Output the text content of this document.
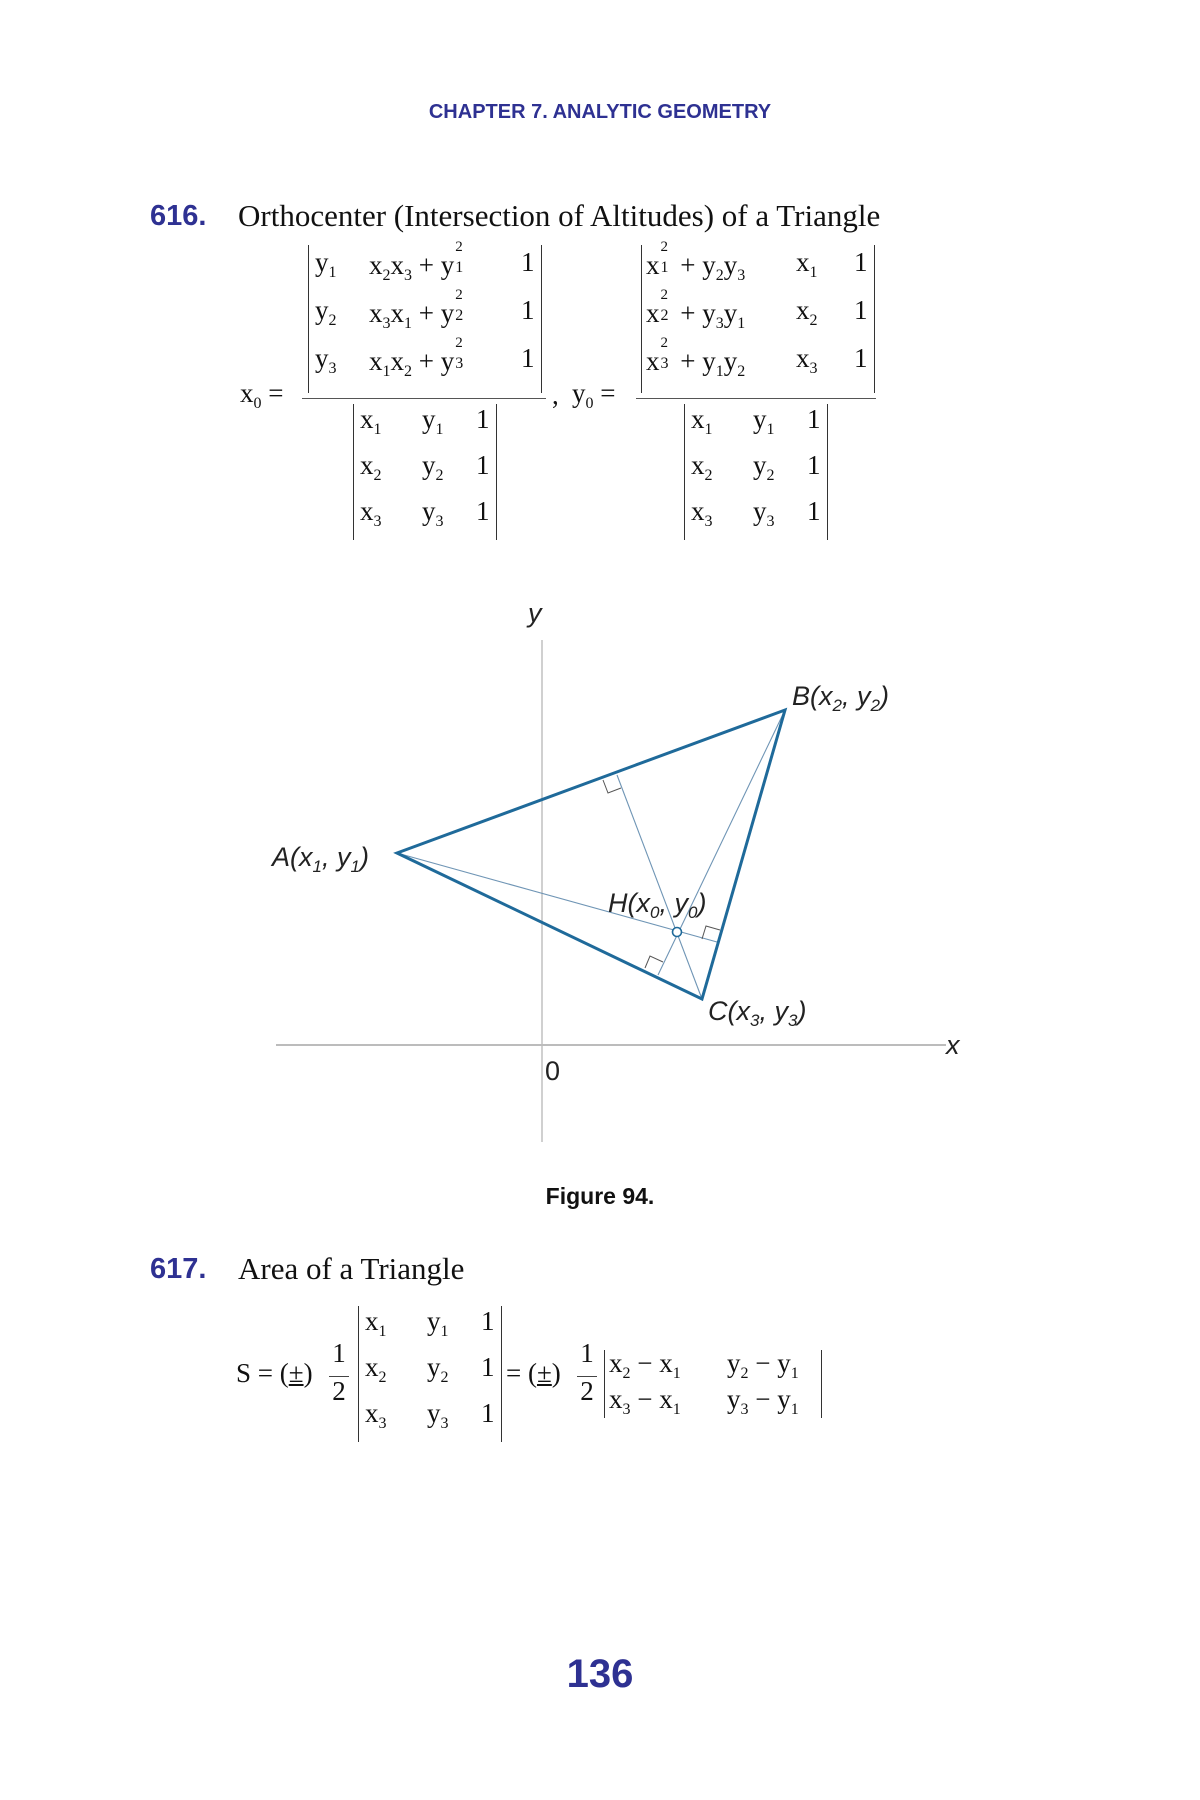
CHAPTER 7. ANALYTIC GEOMETRY
616. Orthocenter (Intersection of Altitudes) of a Triangle
$x_0$ =
$y_1$ $x_2x_3 + y$
2
1 1
$y_2$ $x_3x_1 + y$
2
2 1
$y_3$ $x_1x_2 + y$
2
3 1
$x_1$ $y_1$ 1
$x_2$ $y_2$ 1
$x_3$ $y_3$ 1
, $y_0$ =
x
2
$1 + y_2y_3$ $x_1$ 1
x
2
$2 + y_3y_1$ $x_2$ 1
x
2
$3 + y_1y_2$ $x_3$ 1
$x_1$ $y_1$ 1
$x_2$ $y_2$ 1
$x_3$ $y_3$ 1
y
x
0
$A(x_1$, $y_1$)
$B(x_2$, $y_2$)
$C(x_3$, $y_3$)
$H(x_0$, $y_0$)
Figure 94.
617. Area of a Triangle
S = (±)
1
2
$x_1$ $y_1$ 1
$x_2$ $y_2$ 1
$x_3$ $y_3$ 1
= (±)
1
2
$x_2 - x_1$ $y_2 - y_1$
$x_3 - x_1$ $y_3 - y_1$
136
